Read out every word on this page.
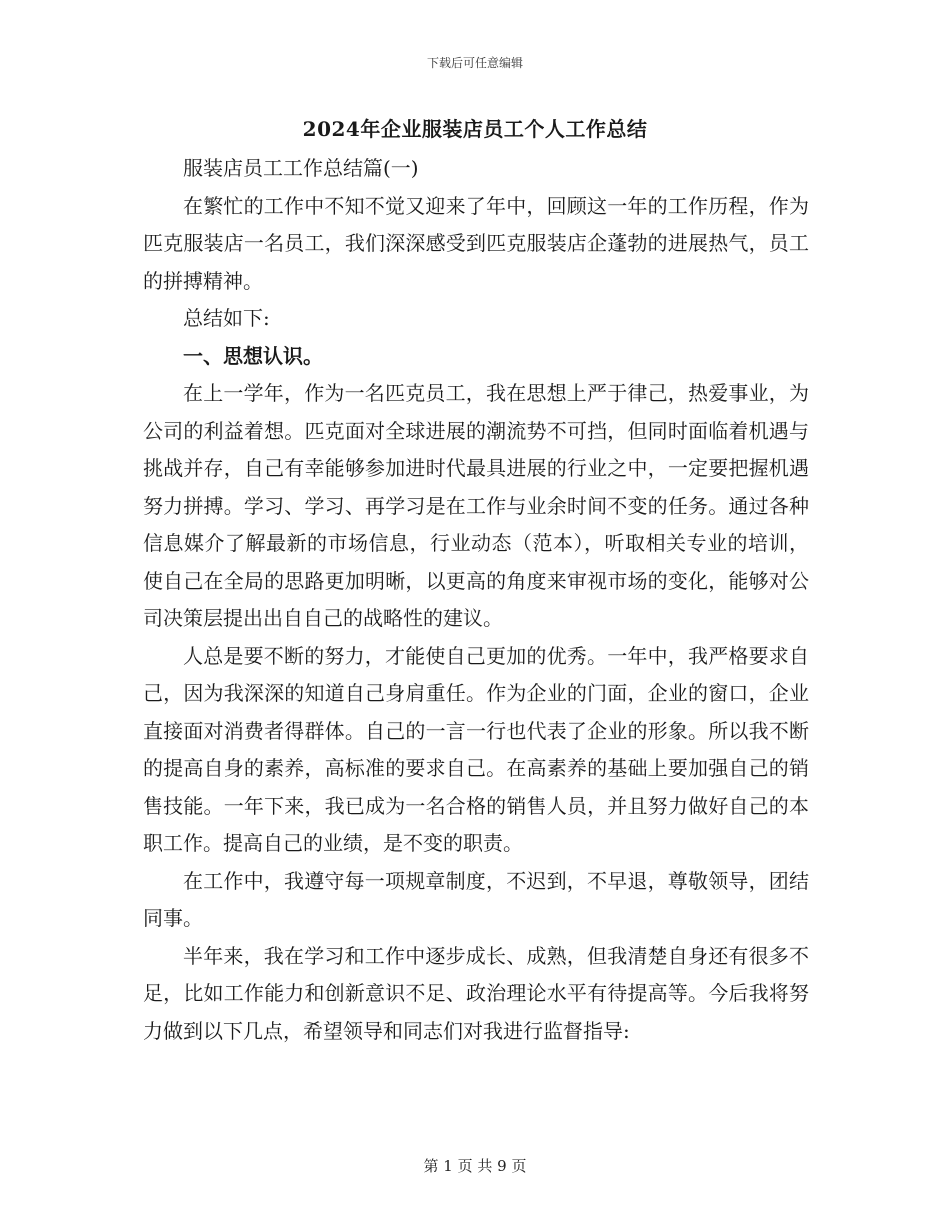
下载后可任意编辑
2024年企业服装店员工个人工作总结

服装店员工工作总结篇(一)

在繁忙的工作中不知不觉又迎来了年中，回顾这一年的工作历程，作为匹克服装店一名员工，我们深深感受到匹克服装店企蓬勃的进展热气，员工的拼搏精神。

总结如下:

一、思想认识。

在上一学年，作为一名匹克员工，我在思想上严于律己，热爱事业，为公司的利益着想。匹克面对全球进展的潮流势不可挡，但同时面临着机遇与挑战并存，自己有幸能够参加进时代最具进展的行业之中，一定要把握机遇努力拼搏。学习、学习、再学习是在工作与业余时间不变的任务。通过各种信息媒介了解最新的市场信息，行业动态（范本），听取相关专业的培训，使自己在全局的思路更加明晰，以更高的角度来审视市场的变化，能够对公司决策层提出出自自己的战略性的建议。

人总是要不断的努力，才能使自己更加的优秀。一年中，我严格要求自己，因为我深深的知道自己身肩重任。作为企业的门面，企业的窗口，企业直接面对消费者得群体。自己的一言一行也代表了企业的形象。所以我不断的提高自身的素养，高标准的要求自己。在高素养的基础上要加强自己的销售技能。一年下来，我已成为一名合格的销售人员，并且努力做好自己的本职工作。提高自己的业绩，是不变的职责。

在工作中，我遵守每一项规章制度，不迟到，不早退，尊敬领导，团结同事。

半年来，我在学习和工作中逐步成长、成熟，但我清楚自身还有很多不足，比如工作能力和创新意识不足、政治理论水平有待提高等。今后我将努力做到以下几点，希望领导和同志们对我进行监督指导:

第 1 页 共 9 页
